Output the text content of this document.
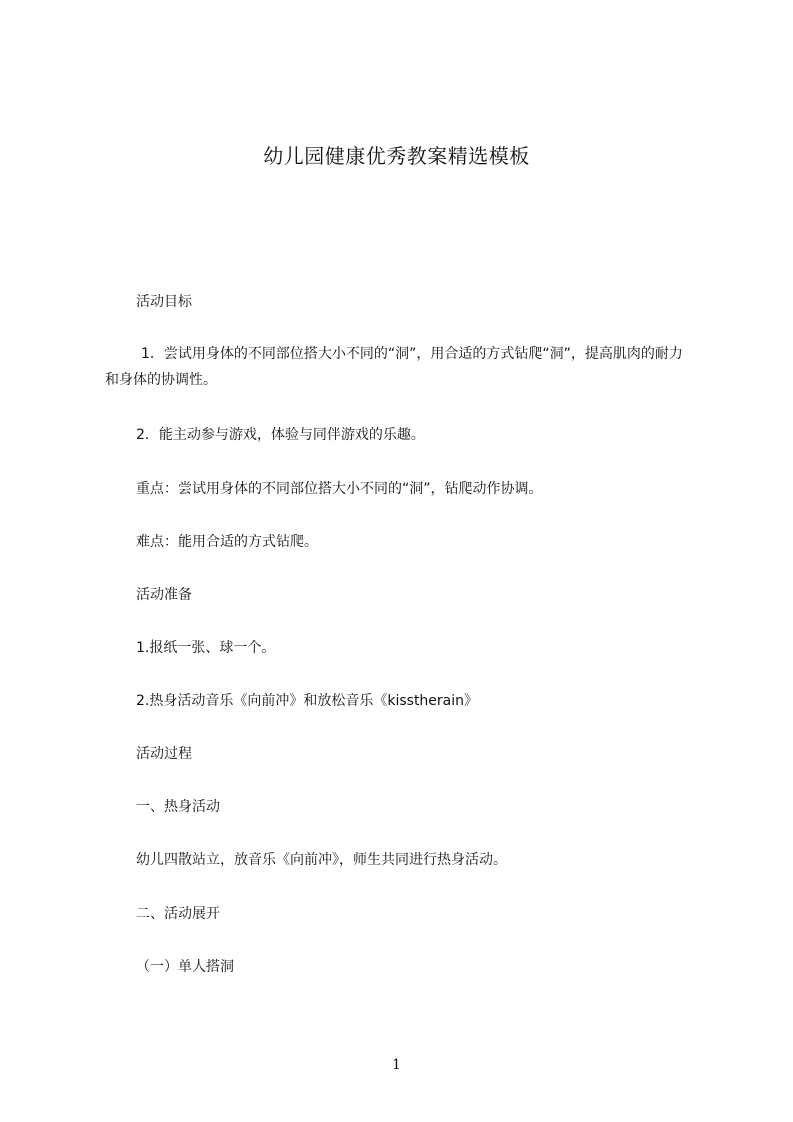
幼儿园健康优秀教案精选模板
活动目标
1．尝试用身体的不同部位搭大小不同的“洞”，用合适的方式钻爬“洞”，提高肌肉的耐力和身体的协调性。
2．能主动参与游戏，体验与同伴游戏的乐趣。
重点：尝试用身体的不同部位搭大小不同的“洞”，钻爬动作协调。
难点：能用合适的方式钻爬。
活动准备
1.报纸一张、球一个。
2.热身活动音乐《向前冲》和放松音乐《kisstherain》
活动过程
一、热身活动
幼儿四散站立，放音乐《向前冲》，师生共同进行热身活动。
二、活动展开
（一）单人搭洞
1
